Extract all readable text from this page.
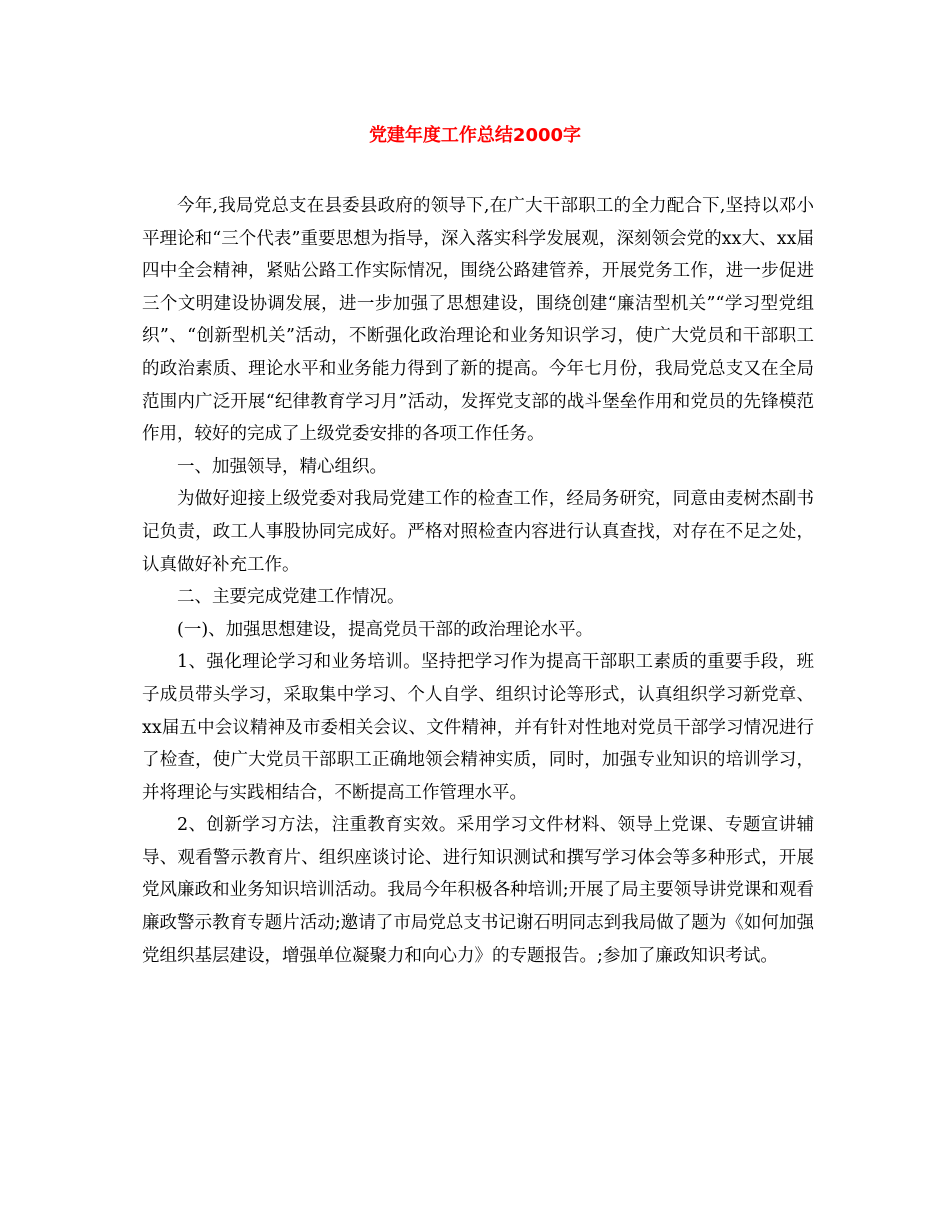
党建年度工作总结2000字

今年,我局党总支在县委县政府的领导下,在广大干部职工的全力配合下,坚持以邓小平理论和“三个代表”重要思想为指导，深入落实科学发展观，深刻领会党的xx大、xx届四中全会精神，紧贴公路工作实际情况，围绕公路建管养，开展党务工作，进一步促进三个文明建设协调发展，进一步加强了思想建设，围绕创建“廉洁型机关”“学习型党组织”、“创新型机关”活动，不断强化政治理论和业务知识学习，使广大党员和干部职工的政治素质、理论水平和业务能力得到了新的提高。今年七月份，我局党总支又在全局范围内广泛开展“纪律教育学习月”活动，发挥党支部的战斗堡垒作用和党员的先锋模范作用，较好的完成了上级党委安排的各项工作任务。

一、加强领导，精心组织。

为做好迎接上级党委对我局党建工作的检查工作，经局务研究，同意由麦树杰副书记负责，政工人事股协同完成好。严格对照检查内容进行认真查找，对存在不足之处，认真做好补充工作。

二、主要完成党建工作情况。

(一)、加强思想建设，提高党员干部的政治理论水平。

1、强化理论学习和业务培训。坚持把学习作为提高干部职工素质的重要手段，班子成员带头学习，采取集中学习、个人自学、组织讨论等形式，认真组织学习新党章、xx届五中会议精神及市委相关会议、文件精神，并有针对性地对党员干部学习情况进行了检查，使广大党员干部职工正确地领会精神实质，同时，加强专业知识的培训学习，并将理论与实践相结合，不断提高工作管理水平。

2、创新学习方法，注重教育实效。采用学习文件材料、领导上党课、专题宣讲辅导、观看警示教育片、组织座谈讨论、进行知识测试和撰写学习体会等多种形式，开展党风廉政和业务知识培训活动。我局今年积极各种培训;开展了局主要领导讲党课和观看廉政警示教育专题片活动;邀请了市局党总支书记谢石明同志到我局做了题为《如何加强党组织基层建设，增强单位凝聚力和向心力》的专题报告。;参加了廉政知识考试。
